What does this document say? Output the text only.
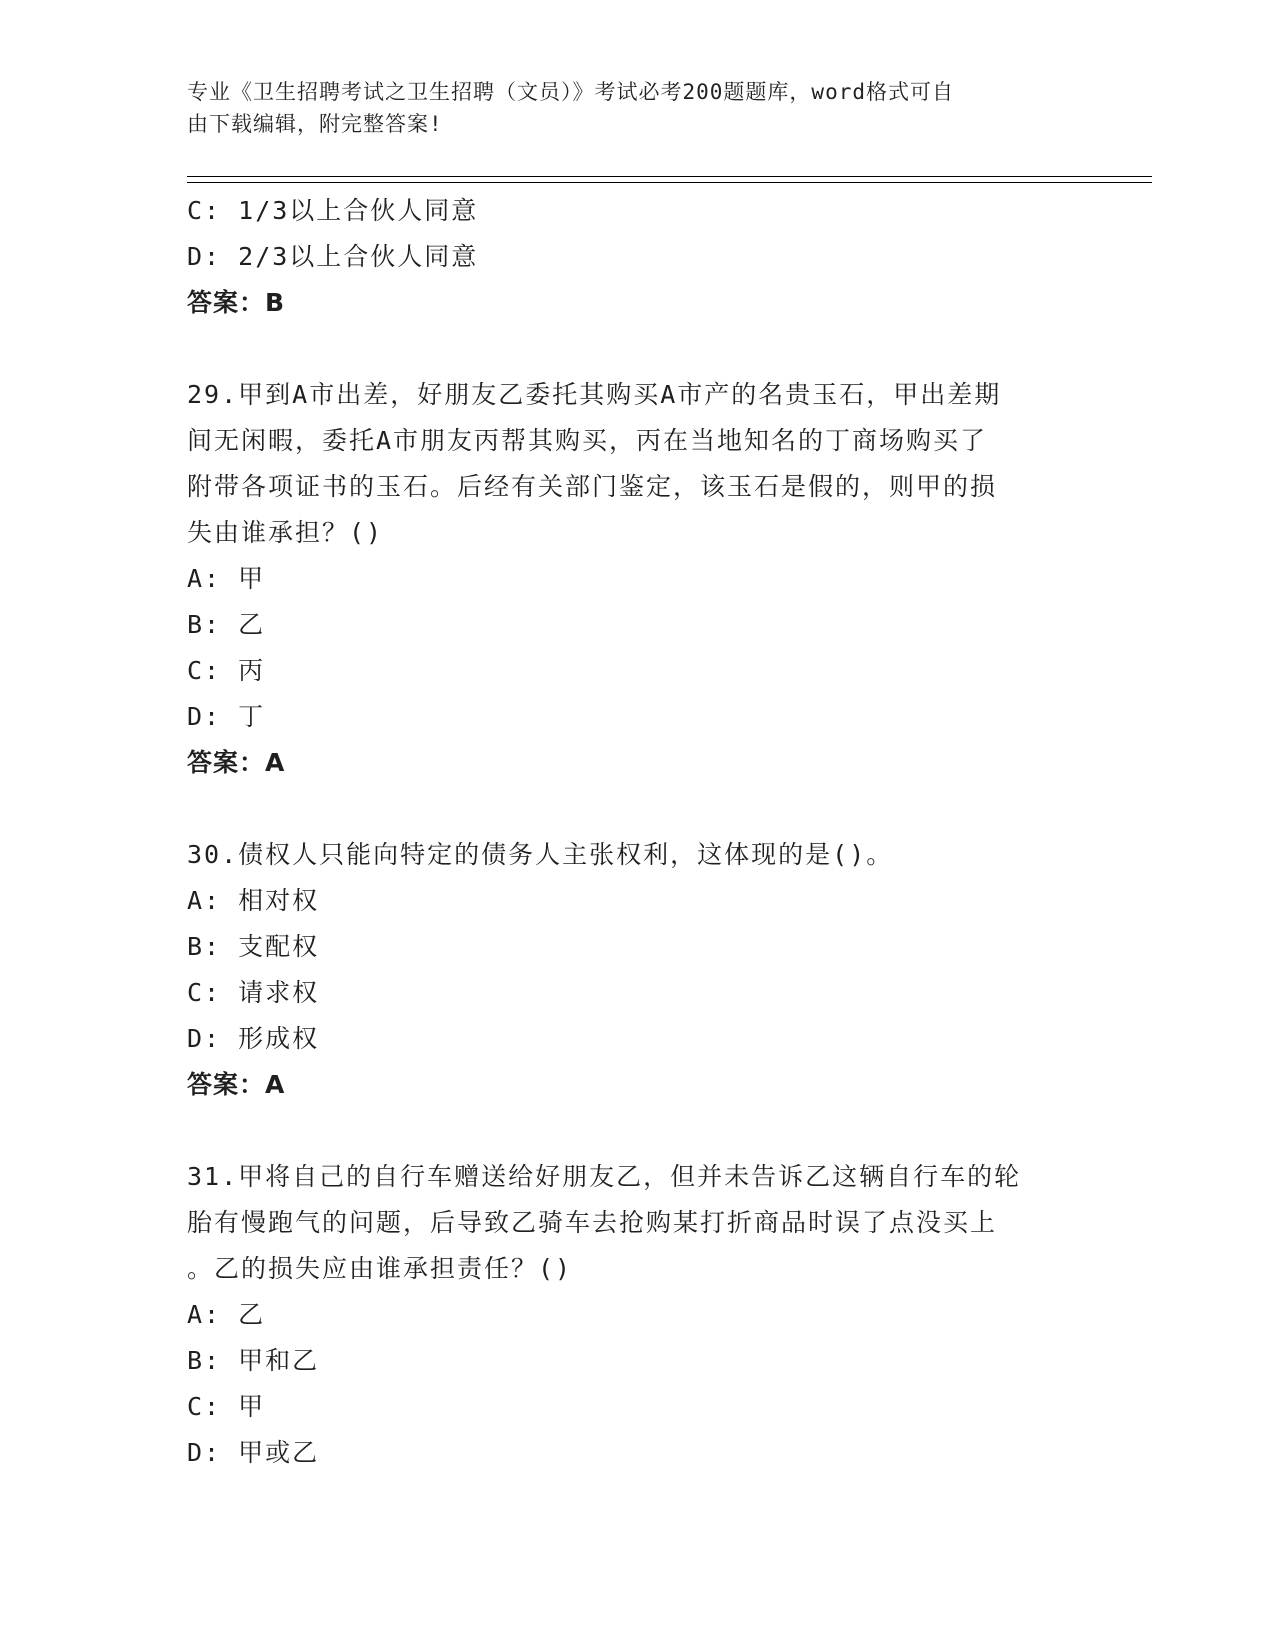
专业《卫生招聘考试之卫生招聘（文员）》考试必考200题题库，word格式可自
由下载编辑，附完整答案!
C: 1/3以上合伙人同意
D: 2/3以上合伙人同意
答案：B
29.甲到A市出差，好朋友乙委托其购买A市产的名贵玉石，甲出差期
间无闲暇，委托A市朋友丙帮其购买，丙在当地知名的丁商场购买了
附带各项证书的玉石。后经有关部门鉴定，该玉石是假的，则甲的损
失由谁承担？()
A: 甲
B: 乙
C: 丙
D: 丁
答案：A
30.债权人只能向特定的债务人主张权利，这体现的是()。
A: 相对权
B: 支配权
C: 请求权
D: 形成权
答案：A
31.甲将自己的自行车赠送给好朋友乙，但并未告诉乙这辆自行车的轮
胎有慢跑气的问题，后导致乙骑车去抢购某打折商品时误了点没买上
。乙的损失应由谁承担责任？()
A: 乙
B: 甲和乙
C: 甲
D: 甲或乙
